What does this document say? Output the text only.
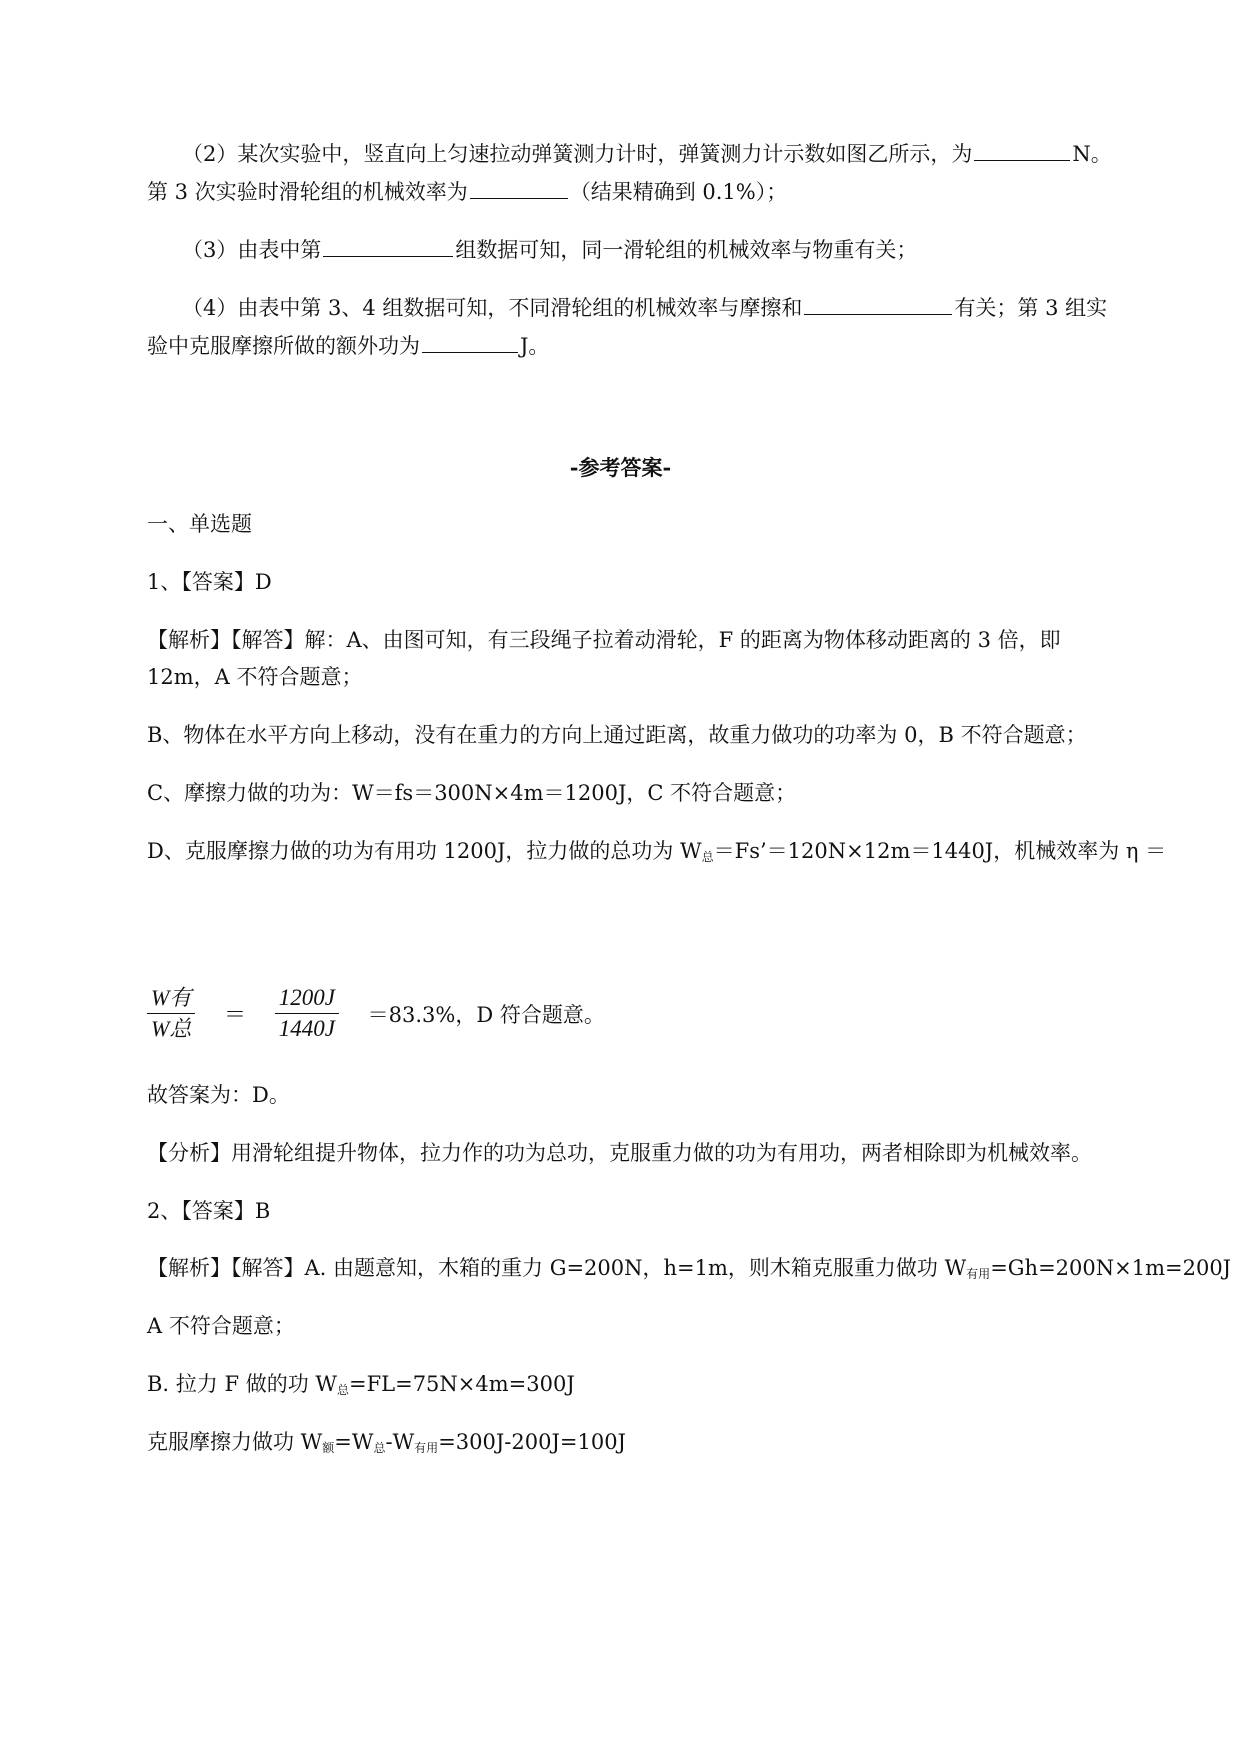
（2）某次实验中，竖直向上匀速拉动弹簧测力计时，弹簧测力计示数如图乙所示，为	N。
第 3 次实验时滑轮组的机械效率为	（结果精确到 0.1%）；
（3）由表中第	组数据可知，同一滑轮组的机械效率与物重有关；
（4）由表中第 3、4 组数据可知，不同滑轮组的机械效率与摩擦和	有关；第 3 组实
验中克服摩擦所做的额外功为	J。
-参考答案-
一、单选题
1、【答案】D
【解析】【解答】解：A、由图可知，有三段绳子拉着动滑轮，F 的距离为物体移动距离的 3 倍，即
12m，A 不符合题意；
B、物体在水平方向上移动，没有在重力的方向上通过距离，故重力做功的功率为 0，B 不符合题意；
C、摩擦力做的功为：W＝fs＝300N×4m＝1200J，C 不符合题意；
D、克服摩擦力做的功为有用功 1200J，拉力做的总功为 $W_总=Fs’=120N\times 12m=1440J$，机械效率为 η ＝
$\frac{\text{W有}}{\text{W总}} = \frac{1200J}{1440J} =83.3\%$，D 符合题意。
故答案为：D。
【分析】用滑轮组提升物体，拉力作的功为总功，克服重力做的功为有用功，两者相除即为机械效率。
2、【答案】B
【解析】【解答】A. 由题意知，木箱的重力 G=200N，h=1m，则木箱克服重力做功 $W_{有用}=Gh=200N\times 1m=200J$
A 不符合题意；
B. 拉力 F 做的功 $W_总=FL=75N\times 4m=300J$
克服摩擦力做功 $W_额=W_总-W_{有用}=300J-200J=100J$
